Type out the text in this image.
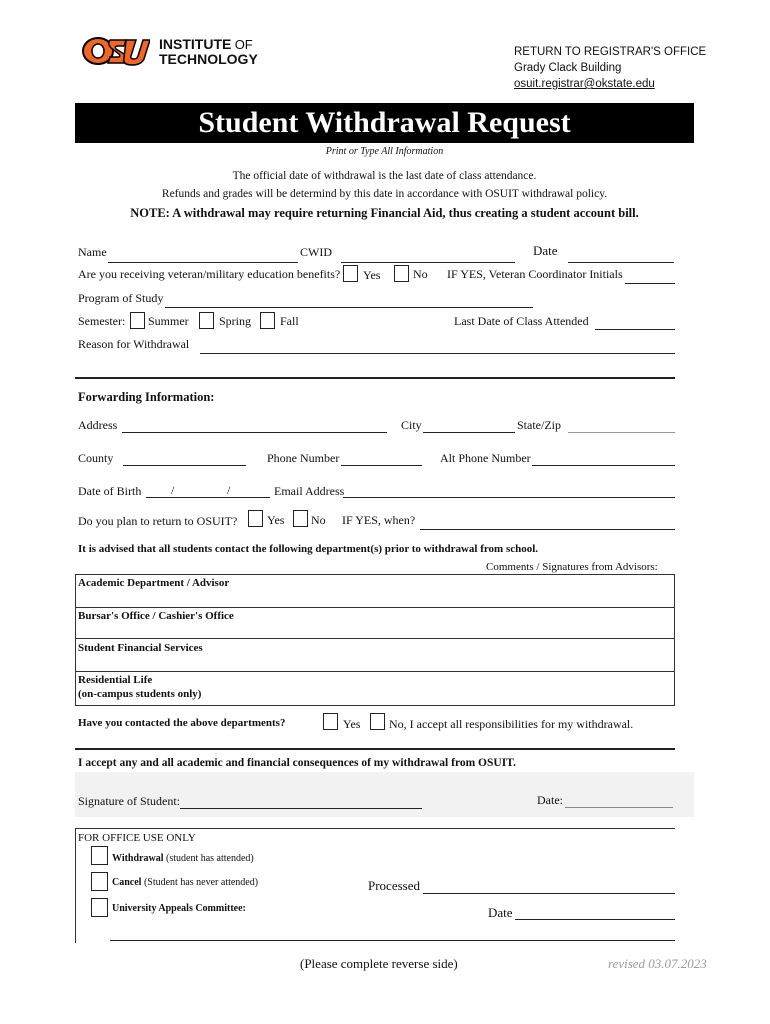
INSTITUTE OF
TECHNOLOGY	RETURN TO REGISTRAR'S OFFICE
Grady Clack Building
osuit.registrar@okstate.edu
Student Withdrawal Request
Print or Type All Information
The official date of withdrawal is the last date of class attendance.
Refunds and grades will be determind by this date in accordance with OSUIT withdrawal policy.
NOTE: A withdrawal may require returning Financial Aid, thus creating a student account bill.
Name	CWID	Date
Are you receiving veteran/military education benefits? Yes	No IF YES, Veteran Coordinator Initials
Program of Study
Semester: Summer	Spring Fall	Last Date of Class Attended
Reason for Withdrawal
Forwarding Information:
Address	City	State/Zip
County	Phone Number	Alt Phone Number
Date of Birth /	/	Email Address
Do you plan to return to OSUIT? Yes No IF YES, when?
It is advised that all students contact the following department(s) prior to withdrawal from school.
Comments / Signatures from Advisors:
Academic Department / Advisor
Bursar's Office / Cashier's Office
Student Financial Services
Residential Life
(on-campus students only)
Have you contacted the above departments?	Yes No, I accept all responsibilities for my withdrawal.
I accept any and all academic and financial consequences of my withdrawal from OSUIT.
Signature of Student:	Date:
FOR OFFICE USE ONLY
Withdrawal (student has attended)
Cancel (Student has never attended)
University Appeals Committee:
Processed
Date
(Please complete reverse side)	revised 03.07.2023
